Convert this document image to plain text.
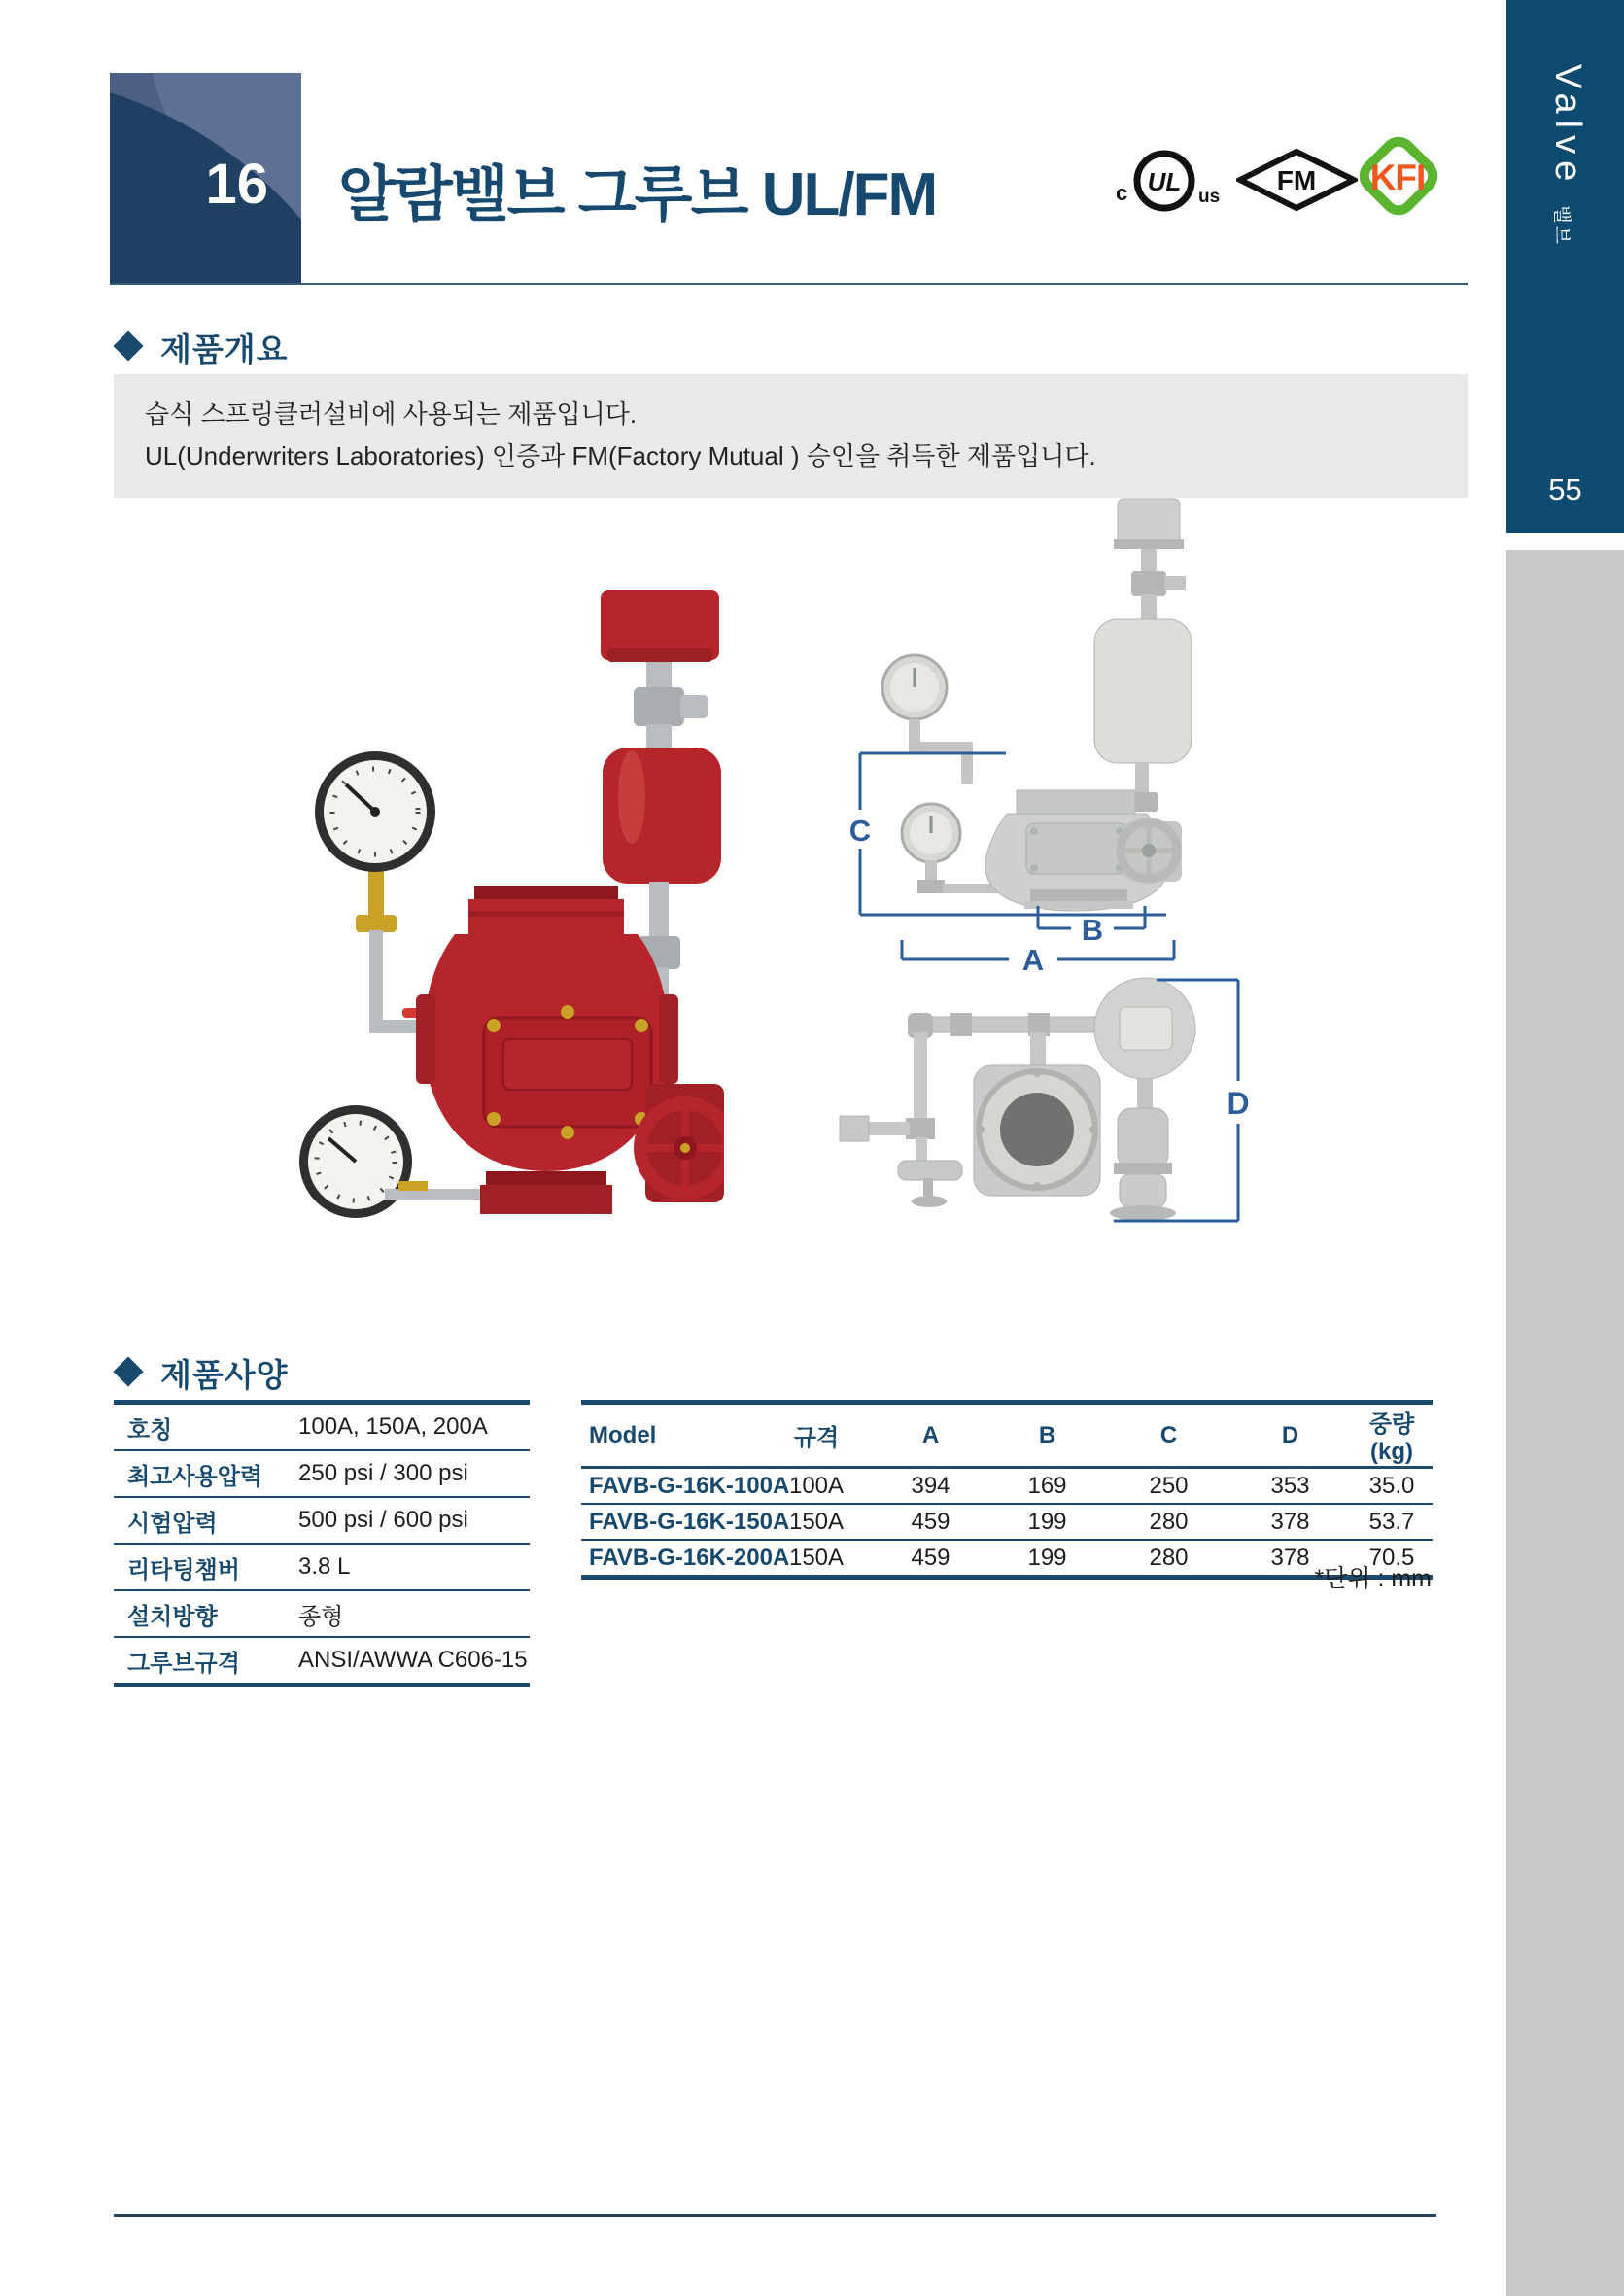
16 알람밸브 그루브 UL/FM	UL
c	us
FM KFI	Valve밸브
55
제품개요
습식 스프링클러설비에 사용되는 제품입니다.
UL(Underwriters Laboratories) 인증과 FM(Factory Mutual ) 승인을 취득한 제품입니다.
C
B
A
D
제품사양
호칭	100A, 150A, 200A
최고사용압력	250 psi / 300 psi
시험압력	500 psi / 600 psi
리타팅챔버	3.8 L
설치방향	종형
그루브규격	ANSI/AWWA C606-15
Model	규격	A	B	C	D	중량(kg)
FAVB-G-16K-100A	100A	394	169	250	353	35.0
FAVB-G-16K-150A	150A	459	199	280	378	53.7
FAVB-G-16K-200A	150A	459	199	280	378	70.5
*단위 : mm
